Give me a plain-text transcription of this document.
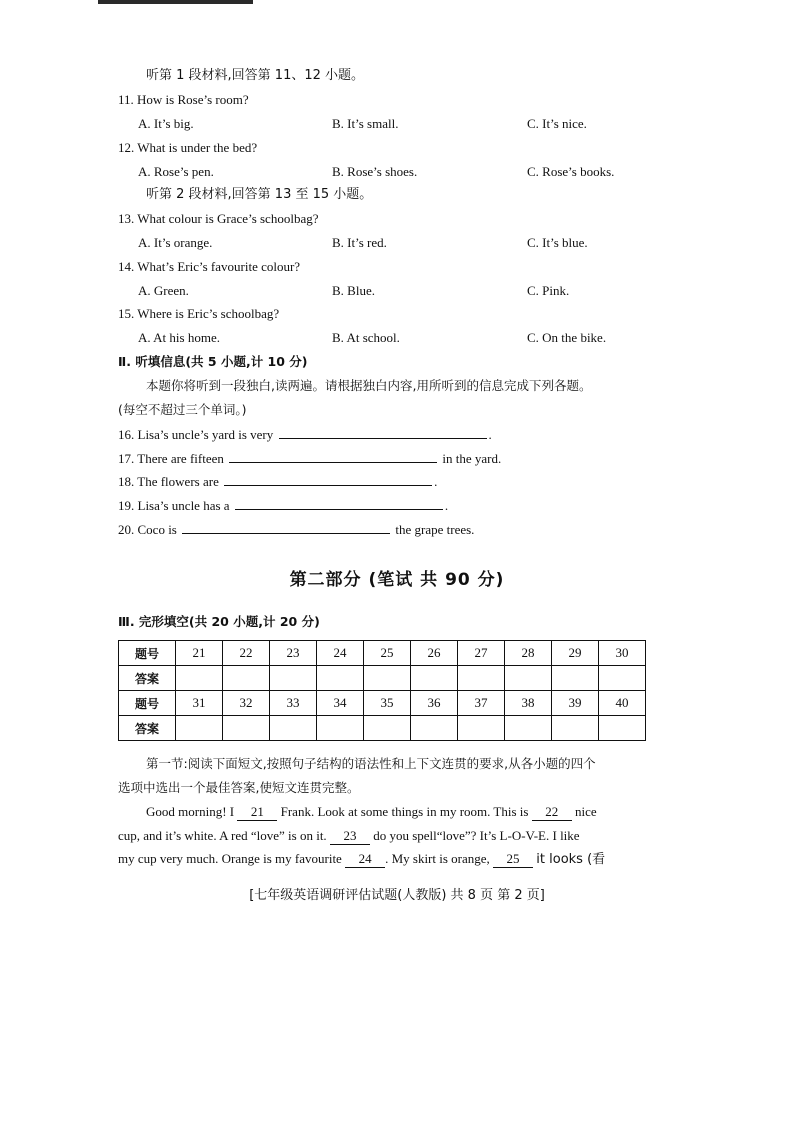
听第 1 段材料,回答第 11、12 小题。
11. How is Rose’s room?
A. It’s big.	B. It’s small.	C. It’s nice.
12. What is under the bed?
A. Rose’s pen.	B. Rose’s shoes.	C. Rose’s books.
听第 2 段材料,回答第 13 至 15 小题。
13. What colour is Grace’s schoolbag?
A. It’s orange.	B. It’s red.	C. It’s blue.
14. What’s Eric’s favourite colour?
A. Green.	B. Blue.	C. Pink.
15. Where is Eric’s schoolbag?
A. At his home.	B. At school.	C. On the bike.
Ⅱ. 听填信息(共 5 小题,计 10 分)
本题你将听到一段独白,读两遍。请根据独白内容,用所听到的信息完成下列各题。
(每空不超过三个单词。)
16. Lisa’s uncle’s yard is very	.
17. There are fifteen	in the yard.
18. The flowers are	.
19. Lisa’s uncle has a	.
20. Coco is	the grape trees.
第二部分 (笔试 共 90 分)
Ⅲ. 完形填空(共 20 小题,计 20 分)
题号	21	22	23	24	25	26	27	28	29	30
答案										
题号	31	32	33	34	35	36	37	38	39	40
答案										
第一节:阅读下面短文,按照句子结构的语法性和上下文连贯的要求,从各小题的四个
选项中选出一个最佳答案,使短文连贯完整。
Good morning! I 21 Frank. Look at some things in my room. This is 22 nice
cup, and it’s white. A red “love” is on it. 23 do you spell“love”? It’s L-O-V-E. I like
my cup very much. Orange is my favourite 24 . My skirt is orange, 25 it looks (看
[七年级英语调研评估试题(人教版) 共 8 页 第 2 页]
